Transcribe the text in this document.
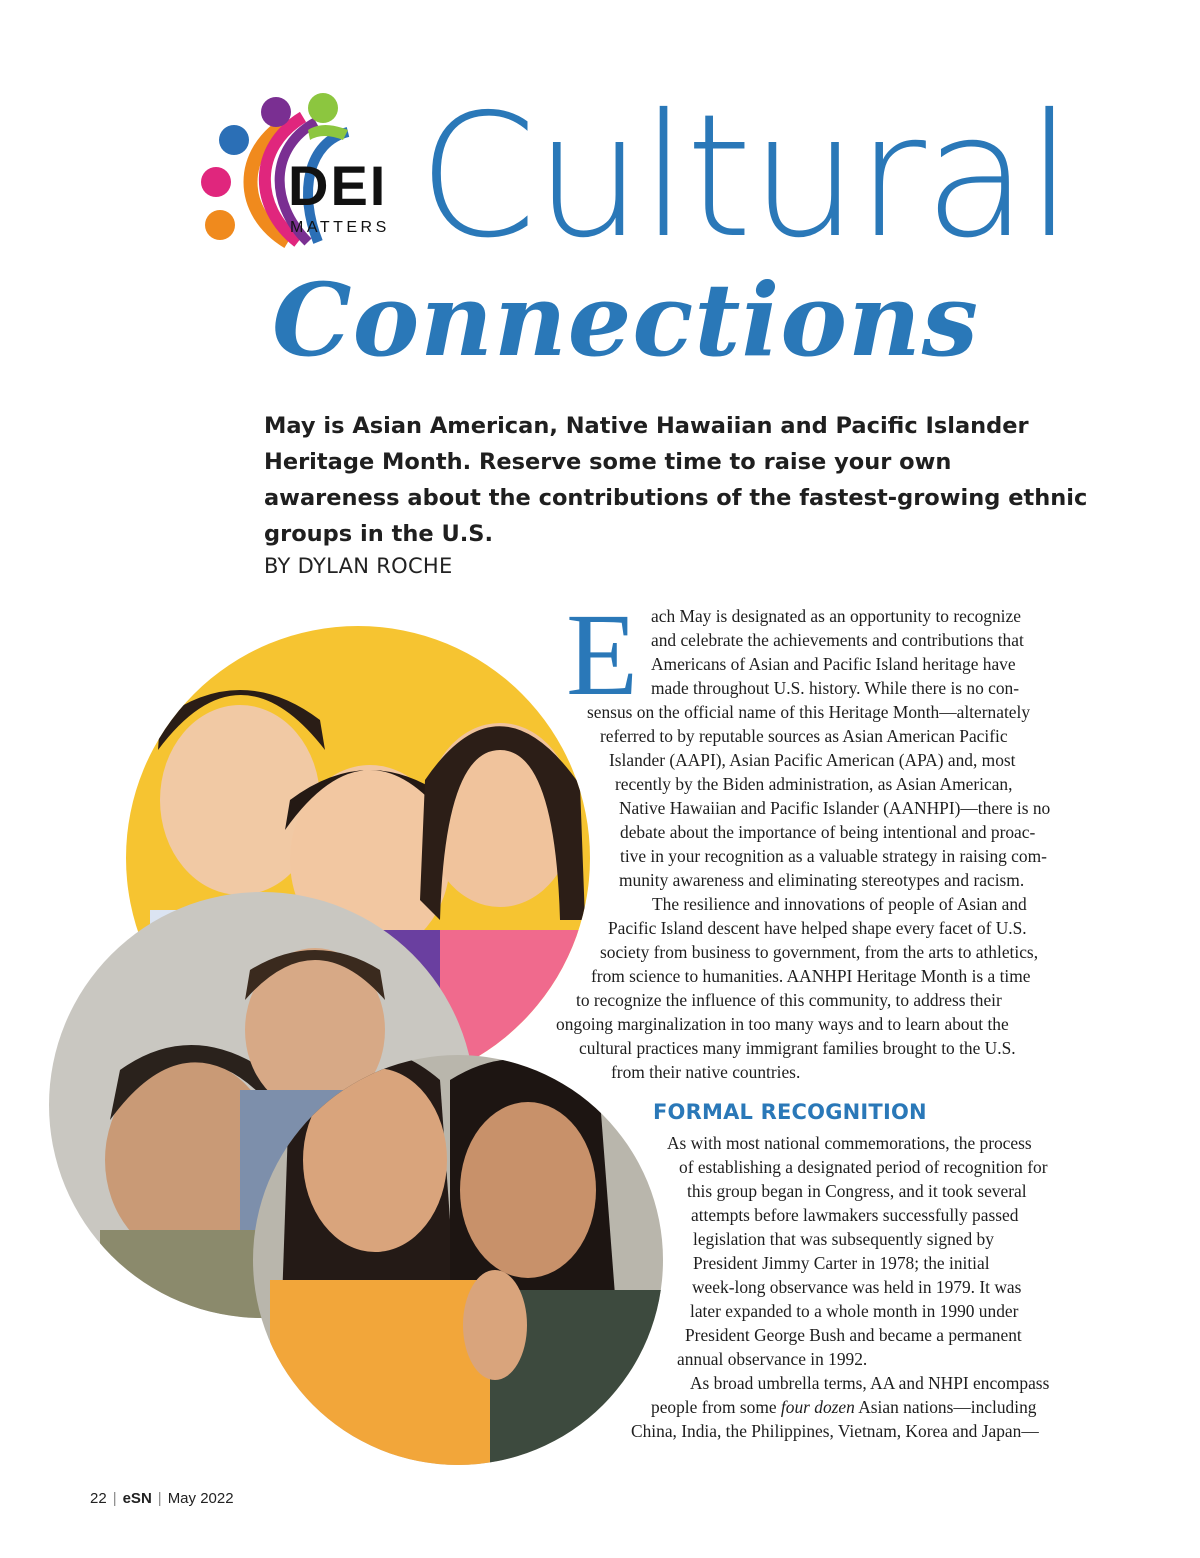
DEI
MATTERS Cultural
Connections
May is Asian American, Native Hawaiian and Pacific Islander Heritage Month. Reserve some time to raise your own awareness about the contributions of the fastest-growing ethnic groups in the U.S.
BY DYLAN ROCHE
E ach May is designated as an opportunity to recognize
and celebrate the achievements and contributions that
Americans of Asian and Pacific Island heritage have
made throughout U.S. history. While there is no con-
sensus on the official name of this Heritage Month—alternately
referred to by reputable sources as Asian American Pacific
Islander (AAPI), Asian Pacific American (APA) and, most
recently by the Biden administration, as Asian American,
Native Hawaiian and Pacific Islander (AANHPI)—there is no
debate about the importance of being intentional and proac-
tive in your recognition as a valuable strategy in raising com-
munity awareness and eliminating stereotypes and racism.
The resilience and innovations of people of Asian and
Pacific Island descent have helped shape every facet of U.S.
society from business to government, from the arts to athletics,
from science to humanities. AANHPI Heritage Month is a time
to recognize the influence of this community, to address their
ongoing marginalization in too many ways and to learn about the
cultural practices many immigrant families brought to the U.S.
from their native countries.
FORMAL RECOGNITION
As with most national commemorations, the process
of establishing a designated period of recognition for
this group began in Congress, and it took several
attempts before lawmakers successfully passed
legislation that was subsequently signed by
President Jimmy Carter in 1978; the initial
week-long observance was held in 1979. It was
later expanded to a whole month in 1990 under
President George Bush and became a permanent
annual observance in 1992.
As broad umbrella terms, AA and NHPI encompass
people from some four dozen Asian nations—including
China, India, the Philippines, Vietnam, Korea and Japan—
22 | eSN | May 2022
